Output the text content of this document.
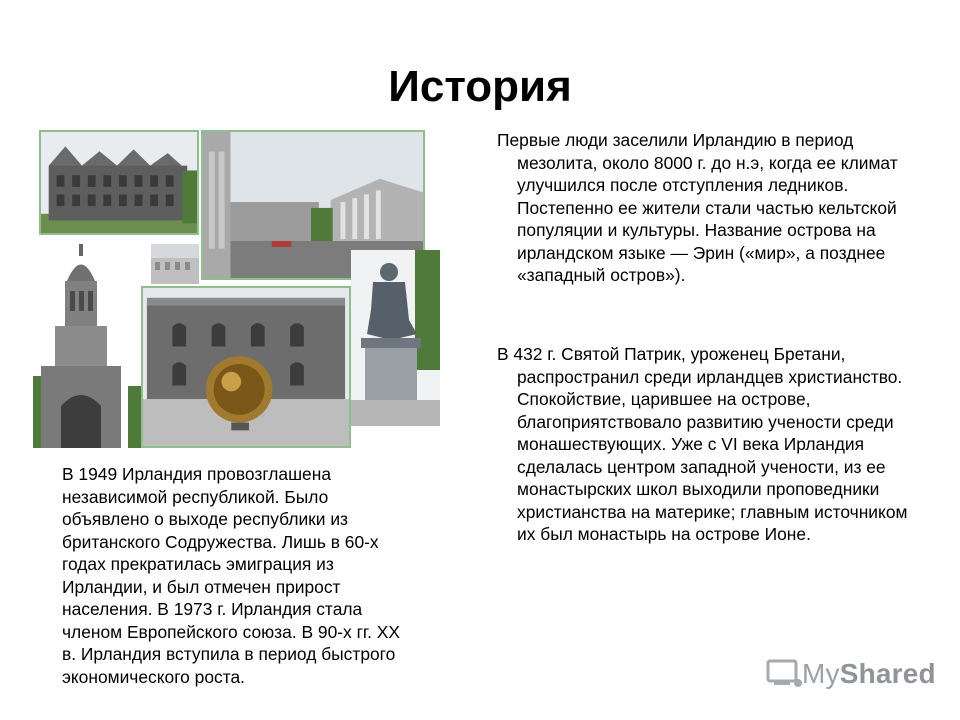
История

Первые люди заселили Ирландию в период мезолита, около 8000 г. до н.э, когда ее климат улучшился после отступления ледников. Постепенно ее жители стали частью кельтской популяции и культуры. Название острова на ирландском языке — Эрин («мир», а позднее «западный остров»).

В 432 г. Святой Патрик, уроженец Бретани, распространил среди ирландцев христианство. Спокойствие, царившее на острове, благоприятствовало развитию учености среди монашествующих. Уже с VI века Ирландия сделалась центром западной учености, из ее монастырских школ выходили проповедники христианства на материке; главным источником их был монастырь на острове Ионе.

В 1949 Ирландия провозглашена независимой республикой. Было объявлено о выходе республики из британского Содружества. Лишь в 60-х годах прекратилась эмиграция из Ирландии, и был отмечен прирост населения. В 1973 г. Ирландия стала членом Европейского союза. В 90-х гг. XX в. Ирландия вступила в период быстрого экономического роста.	MyShared
